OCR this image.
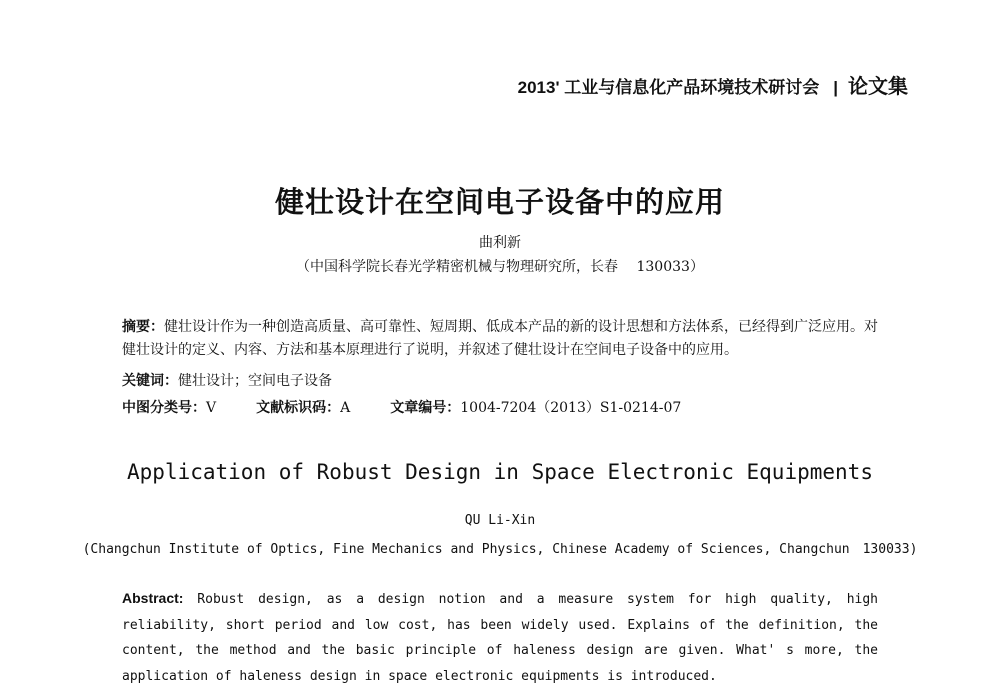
2013' 工业与信息化产品环境技术研讨会 | 论文集
健壮设计在空间电子设备中的应用
曲利新
（中国科学院长春光学精密机械与物理研究所，长春　 130033）
摘要：健壮设计作为一种创造高质量、高可靠性、短周期、低成本产品的新的设计思想和方法体系，已经得到广泛应用。对健壮设计的定义、内容、方法和基本原理进行了说明，并叙述了健壮设计在空间电子设备中的应用。
关键词：健壮设计；空间电子设备
中图分类号：V	文献标识码：A	文章编号：1004-7204（2013）S1-0214-07
Application of Robust Design in Space Electronic Equipments
QU Li-Xin
(Changchun Institute of Optics, Fine Mechanics and Physics, Chinese Academy of Sciences, Changchun　130033)
Abstract: Robust design, as a design notion and a measure system for high quality, high reliability, short period and low cost, has been widely used. Explains of the definition, the content, the method and the basic principle of haleness design are given. What' s more, the application of haleness design in space electronic equipments is introduced.
